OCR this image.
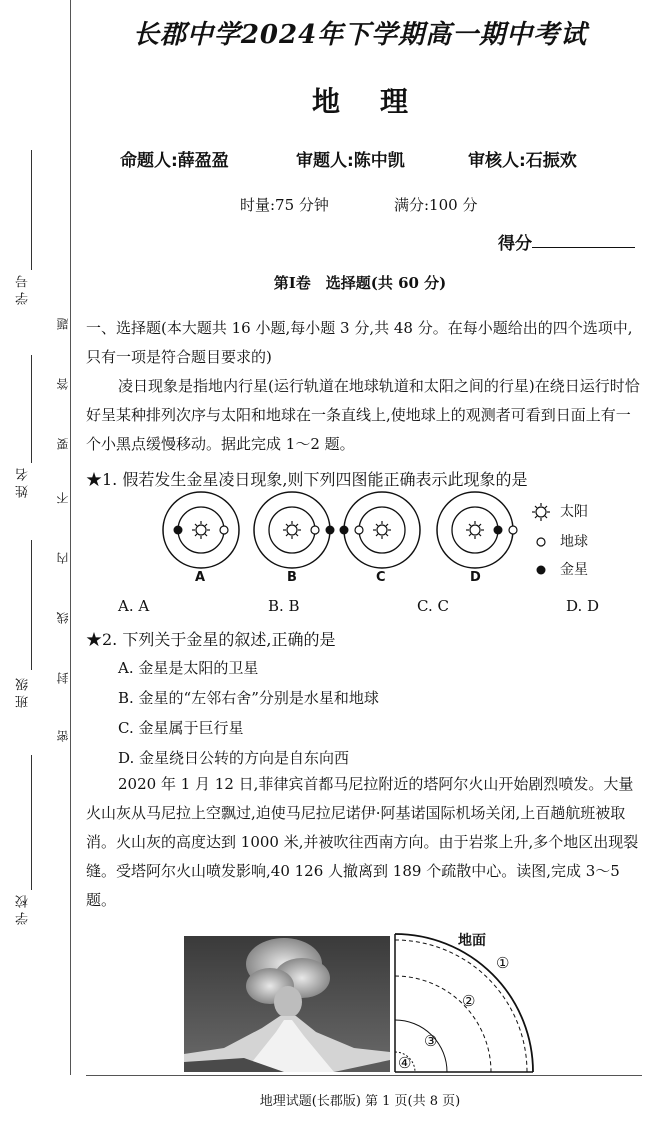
学 号
姓 名
班 级
学 校
题
答
要
不
内
线
封
密
长郡中学2024年下学期高一期中考试
地理
命题人:薛盈盈	审题人:陈中凯	审核人:石振欢
时量:75 分钟	满分:100 分
得分
第Ⅰ卷　选择题(共 60 分)
一、选择题(本大题共 16 小题,每小题 3 分,共 48 分。在每小题给出的四个选项中,只有一项是符合题目要求的)
凌日现象是指地内行星(运行轨道在地球轨道和太阳之间的行星)在绕日运行时恰好呈某种排列次序与太阳和地球在一条直线上,使地球上的观测者可看到日面上有一个小黑点缓慢移动。据此完成 1～2 题。
★1. 假若发生金星凌日现象,则下列四图能正确表示此现象的是
A	B	C	D
太阳
地球
金星
A. A	B. B	C. C	D. D
★2. 下列关于金星的叙述,正确的是
A. 金星是太阳的卫星
B. 金星的“左邻右舍”分别是水星和地球
C. 金星属于巨行星
D. 金星绕日公转的方向是自东向西
2020 年 1 月 12 日,菲律宾首都马尼拉附近的塔阿尔火山开始剧烈喷发。大量火山灰从马尼拉上空飘过,迫使马尼拉尼诺伊·阿基诺国际机场关闭,上百趟航班被取消。火山灰的高度达到 1000 米,并被吹往西南方向。由于岩浆上升,多个地区出现裂缝。受塔阿尔火山喷发影响,40 126 人撤离到 189 个疏散中心。读图,完成 3～5 题。
地面
①
②
③
④
地理试题(长郡版) 第 1 页(共 8 页)
